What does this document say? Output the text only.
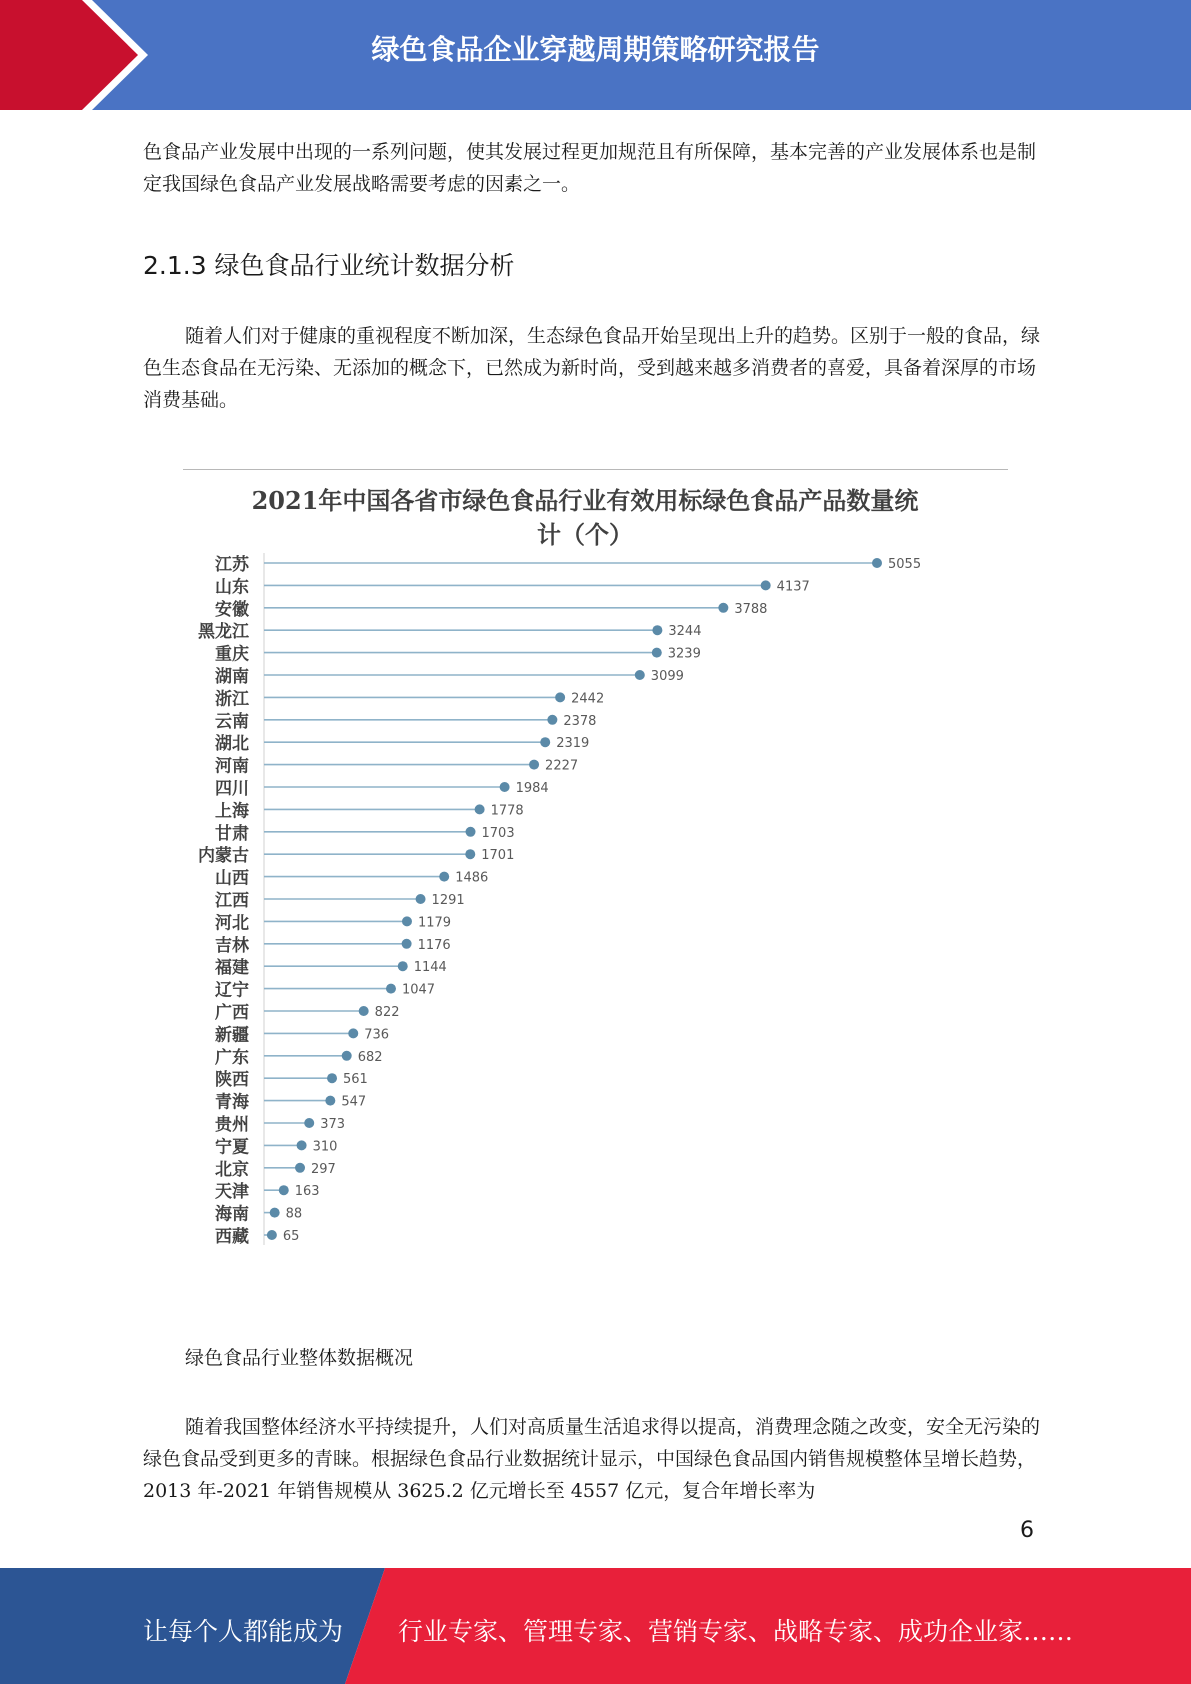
绿色食品企业穿越周期策略研究报告

色食品产业发展中出现的一系列问题，使其发展过程更加规范且有所保障，基本完善的产业发展体系也是制定我国绿色食品产业发展战略需要考虑的因素之一。

2.1.3 绿色食品行业统计数据分析

随着人们对于健康的重视程度不断加深，生态绿色食品开始呈现出上升的趋势。区别于一般的食品，绿色生态食品在无污染、无添加的概念下，已然成为新时尚，受到越来越多消费者的喜爱，具备着深厚的市场消费基础。

2021年中国各省市绿色食品行业有效用标绿色食品产品数量统计（个）
江苏	5055
山东	4137
安徽	3788
黑龙江	3244
重庆	3239
湖南	3099
浙江	2442
云南	2378
湖北	2319
河南	2227
四川	1984
上海	1778
甘肃	1703
内蒙古	1701
山西	1486
江西	1291
河北	1179
吉林	1176
福建	1144
辽宁	1047
广西	822
新疆	736
广东	682
陕西	561
青海	547
贵州	373
宁夏	310
北京	297
天津	163
海南	88
西藏	65
绿色食品行业整体数据概况

随着我国整体经济水平持续提升，人们对高质量生活追求得以提高，消费理念随之改变，安全无污染的绿色食品受到更多的青睐。根据绿色食品行业数据统计显示，中国绿色食品国内销售规模整体呈增长趋势，2013 年-2021 年销售规模从 3625.2 亿元增长至 4557 亿元，复合年增长率为

6
让每个人都能成为 行业专家、管理专家、营销专家、战略专家、成功企业家……
